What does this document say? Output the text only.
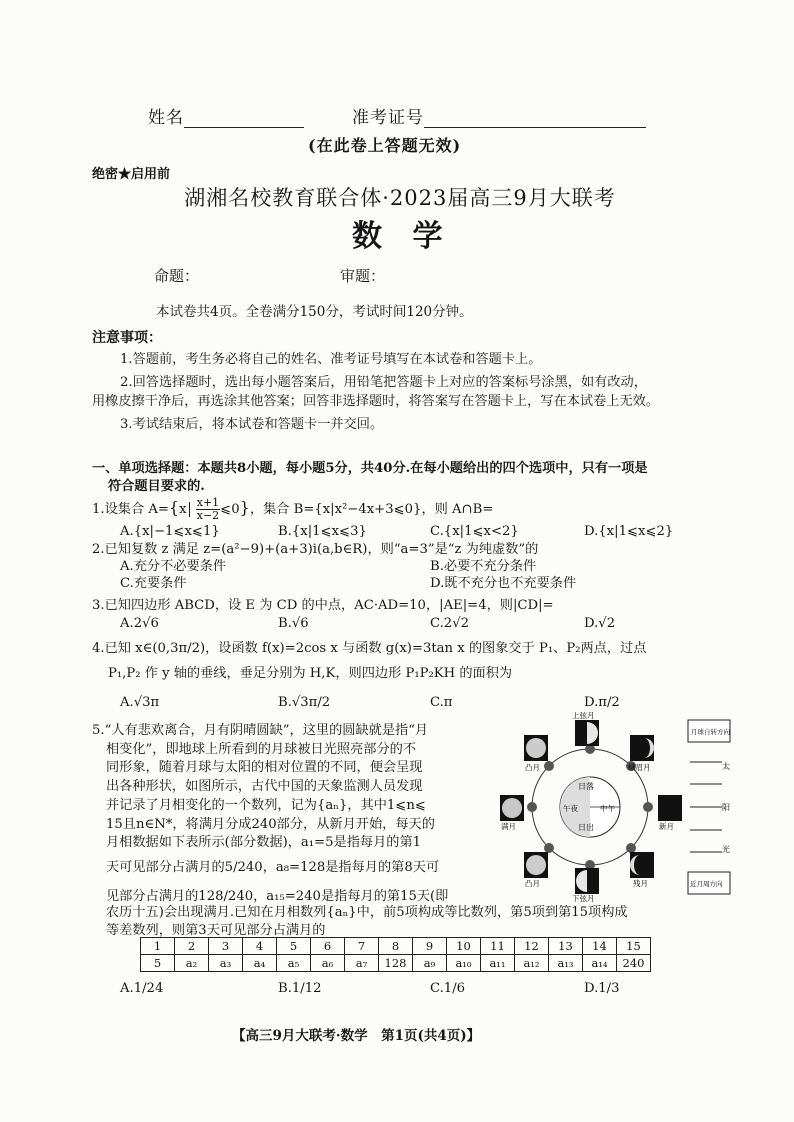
姓名	准考证号
(在此卷上答题无效)
绝密★启用前
湖湘名校教育联合体·2023届高三9月大联考
数 学
命题：	审题：
本试卷共4页。全卷满分150分，考试时间120分钟。
注意事项：
1.答题前，考生务必将自己的姓名、准考证号填写在本试卷和答题卡上。
2.回答选择题时，选出每小题答案后，用铅笔把答题卡上对应的答案标号涂黑，如有改动，
用橡皮擦干净后，再选涂其他答案；回答非选择题时，将答案写在答题卡上，写在本试卷上无效。
3.考试结束后，将本试卷和答题卡一并交回。
一、单项选择题：本题共8小题，每小题5分，共40分.在每小题给出的四个选项中，只有一项是
符合题目要求的.
1.设集合 $A=\{x \frac{x+1}{x-2}$ ⩽0}，集合 B={x|x²−4x+3⩽0}，则 A∩B=
A.{x|−1⩽x⩽1}	B.{x|1⩽x⩽3}	C.{x|1⩽x<2}	D.{x|1⩽x⩽2}
2.已知复数 z 满足 z=(a²−9)+(a+3)i(a,b∈R)，则“a=3”是“z 为纯虚数”的
A.充分不必要条件	B.必要不充分条件
C.充要条件	D.既不充分也不充要条件
3.已知四边形 ABCD，设 E 为 CD 的中点，AC·AD=10，|AE|=4，则|CD|=
A.2√6	B.√6	C.2√2	D.√2
4.已知 x∈(0,3π/2)，设函数 f(x)=2cos x 与函数 g(x)=3tan x 的图象交于 P₁、P₂两点，过点
P₁,P₂ 作 y 轴的垂线，垂足分别为 H,K，则四边形 P₁P₂KH 的面积为
A.√3π	B.√3π/2	C.π	D.π/2
5.“人有悲欢离合，月有阴晴圆缺”，这里的圆缺就是指“月
相变化”，即地球上所看到的月球被日光照亮部分的不
同形象，随着月球与太阳的相对位置的不同，便会呈现
出各种形状，如图所示，古代中国的天象监测人员发现
并记录了月相变化的一个数列，记为{aₙ}，其中1⩽n⩽
15且n∈N*，将满月分成240部分，从新月开始，每天的
月相数据如下表所示(部分数据)，a₁=5是指每月的第1
天可见部分占满月的5/240，a₈=128是指每月的第8天可
见部分占满月的128/240，a₁₅=240是指每月的第15天(即
农历十五)会出现满月.已知在月相数列{aₙ}中，前5项构成等比数列，第5项到第15项构成
等差数列，则第3天可见部分占满月的
1	2	3	4	5	6	7	8	9	10	11	12	13	14	15
5	a₂	a₃	a₄	a₅	a₆	a₇	128	a₉	a₁₀	a₁₁	a₁₂	a₁₃	a₁₄	240
A.1/24	B.1/12	C.1/6	D.1/3
日落
日出
午夜	中午
上弦月
凸月	蛾眉月
满月	新月
凸月
下弦月
残月
月球自转方向
近月周方向
太
阳
光
【高三9月大联考·数学　第1页(共4页)】
